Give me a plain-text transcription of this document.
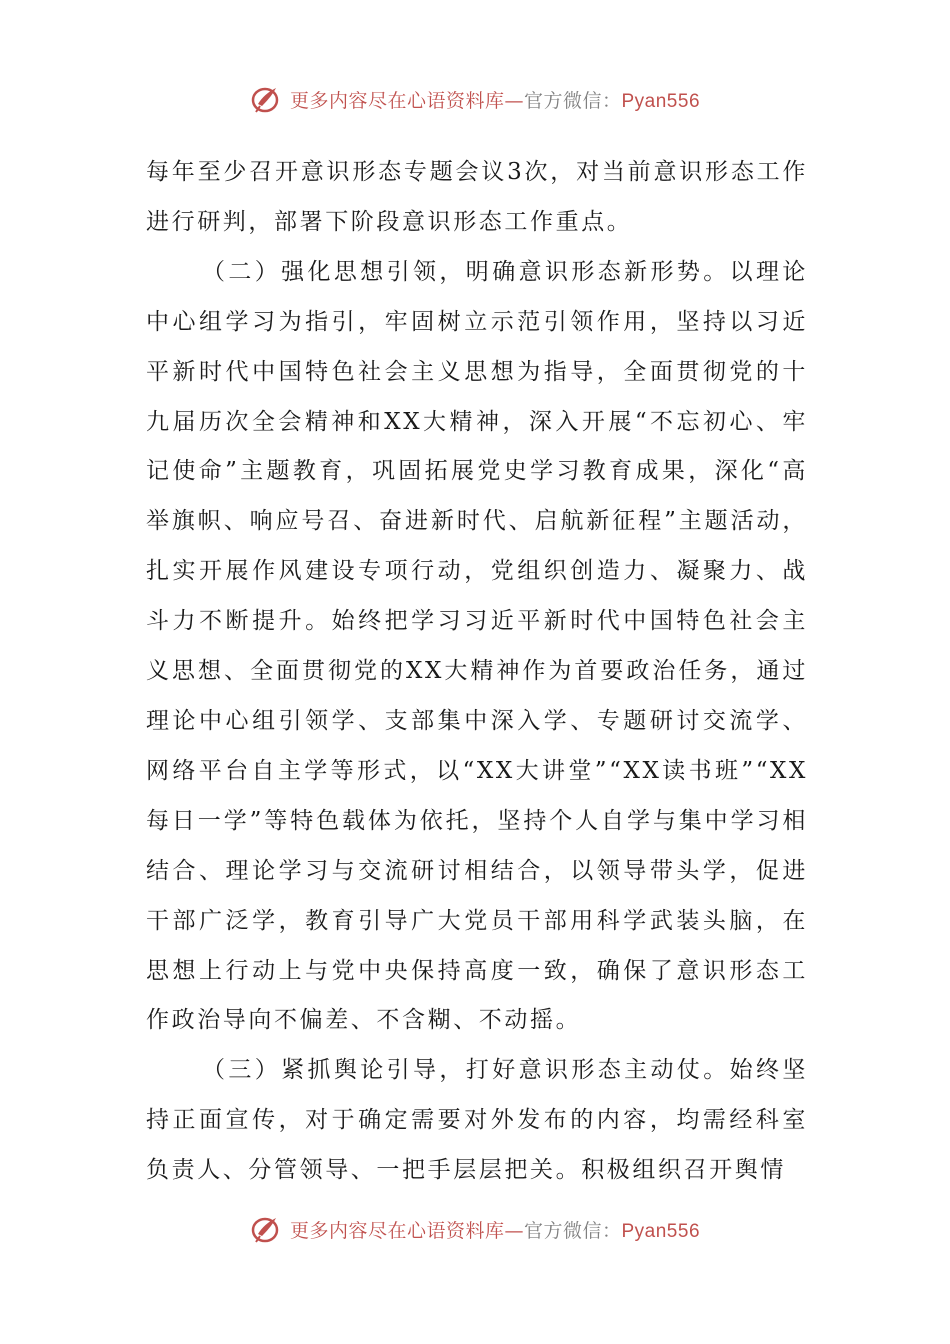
更多内容尽在心语资料库—官方微信：Pyan556

每年至少召开意识形态专题会议3次，对当前意识形态工作进行研判，部署下阶段意识形态工作重点。

（二）强化思想引领，明确意识形态新形势。以理论中心组学习为指引，牢固树立示范引领作用，坚持以习近平新时代中国特色社会主义思想为指导，全面贯彻党的十九届历次全会精神和XX大精神，深入开展“不忘初心、牢记使命”主题教育，巩固拓展党史学习教育成果，深化“高举旗帜、响应号召、奋进新时代、启航新征程”主题活动，扎实开展作风建设专项行动，党组织创造力、凝聚力、战斗力不断提升。始终把学习习近平新时代中国特色社会主义思想、全面贯彻党的XX大精神作为首要政治任务，通过理论中心组引领学、支部集中深入学、专题研讨交流学、网络平台自主学等形式，以“XX大讲堂”“XX读书班”“XX每日一学”等特色载体为依托，坚持个人自学与集中学习相结合、理论学习与交流研讨相结合，以领导带头学，促进干部广泛学，教育引导广大党员干部用科学武装头脑，在思想上行动上与党中央保持高度一致，确保了意识形态工作政治导向不偏差、不含糊、不动摇。

（三）紧抓舆论引导，打好意识形态主动仗。始终坚持正面宣传，对于确定需要对外发布的内容，均需经科室负责人、分管领导、一把手层层把关。积极组织召开舆情

更多内容尽在心语资料库—官方微信：Pyan556
